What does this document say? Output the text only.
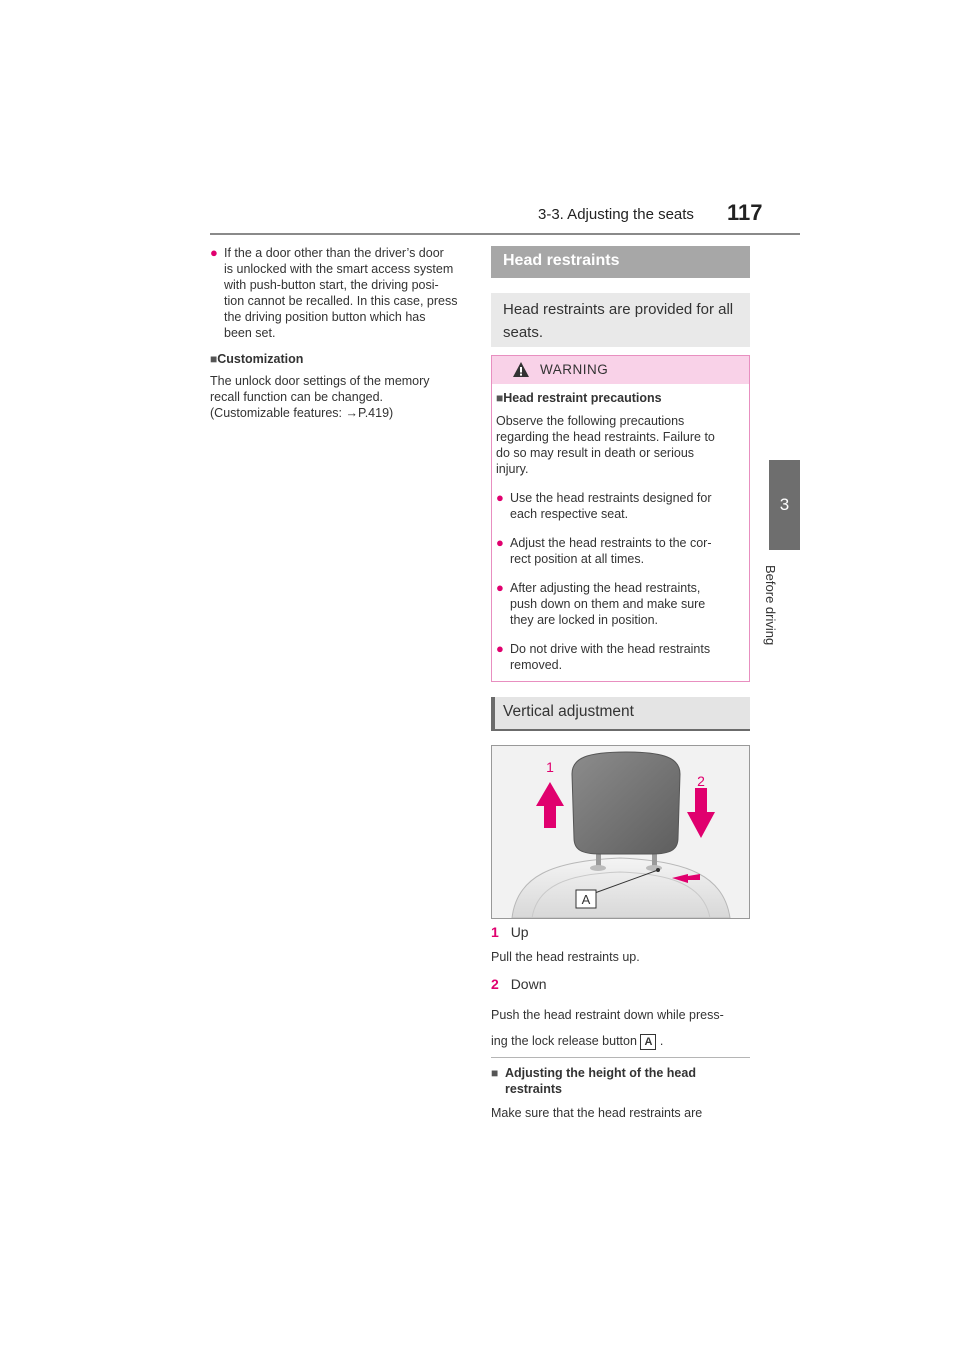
3-3. Adjusting the seats 117
3
Before driving
● If the a door other than the driver’s door
is unlocked with the smart access system
with push-button start, the driving posi-
tion cannot be recalled. In this case, press
the driving position button which has
been set.
■Customization
The unlock door settings of the memory
recall function can be changed.
(Customizable features: →P.419)
Head restraints
Head restraints are provided for all
seats.
WARNING
■Head restraint precautions
Observe the following precautions
regarding the head restraints. Failure to
do so may result in death or serious
injury.
● Use the head restraints designed for
each respective seat.
● Adjust the head restraints to the cor-
rect position at all times.
● After adjusting the head restraints,
push down on them and make sure
they are locked in position.
● Do not drive with the head restraints
removed.
Vertical adjustment
A
1
2
1 Up
Pull the head restraints up.
2 Down
Push the head restraint down while press-
ing the lock release button A .
■ Adjusting the height of the head
restraints
Make sure that the head restraints are
